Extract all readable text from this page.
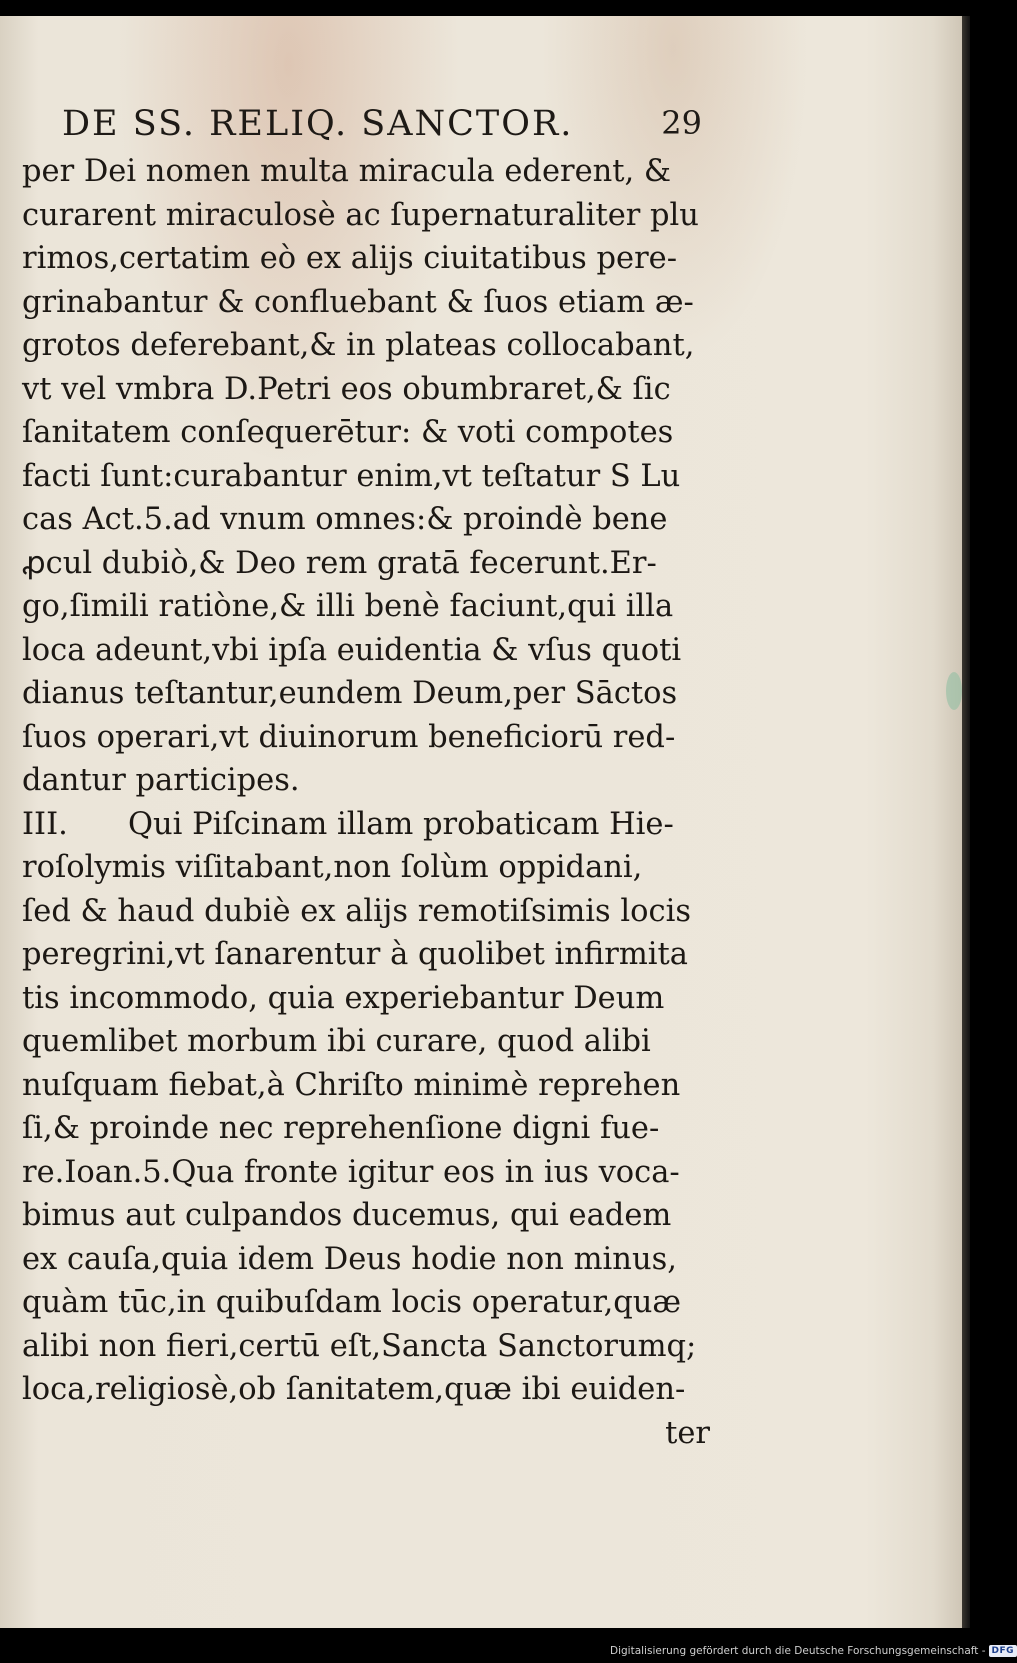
DE SS. RELIQ. SANCTOR.	29
per Dei nomen multa miracula ederent, &
curarent miraculosè ac ſupernaturaliter plu
rimos,certatim eò ex alijs ciuitatibus pere-
grinabantur & confluebant & ſuos etiam æ-
grotos deferebant,& in plateas collocabant,
vt vel vmbra D.Petri eos obumbraret,& ſic
ſanitatem conſequerētur: & voti compotes
facti ſunt:curabantur enim,vt teſtatur S Lu
cas Act.5.ad vnum omnes:& proindè bene
ꝓcul dubiò,& Deo rem gratā fecerunt.Er-
go,ſimili ratiòne,& illi benè faciunt,qui illa
loca adeunt,vbi ipſa euidentia & vſus quoti
dianus teſtantur,eundem Deum,per Sāctos
ſuos operari,vt diuinorum beneficiorū red-
dantur participes.
III. Qui Piſcinam illam probaticam Hie-
roſolymis viſitabant,non ſolùm oppidani,
ſed & haud dubiè ex alijs remotiſsimis locis
peregrini,vt ſanarentur à quolibet infirmita
tis incommodo, quia experiebantur Deum
quemlibet morbum ibi curare, quod alibi
nuſquam fiebat,à Chriſto minimè reprehen
ſi,& proinde nec reprehenſione digni fue-
re.Ioan.5.Qua fronte igitur eos in ius voca-
bimus aut culpandos ducemus, qui eadem
ex cauſa,quia idem Deus hodie non minus,
quàm tūc,in quibuſdam locis operatur,quæ
alibi non fieri,certū eſt,Sancta Sanctorumq;
loca,religiosè,ob ſanitatem,quæ ibi euiden-
ter
Digitalisierung gefördert durch die Deutsche Forschungsgemeinschaft - DFG
